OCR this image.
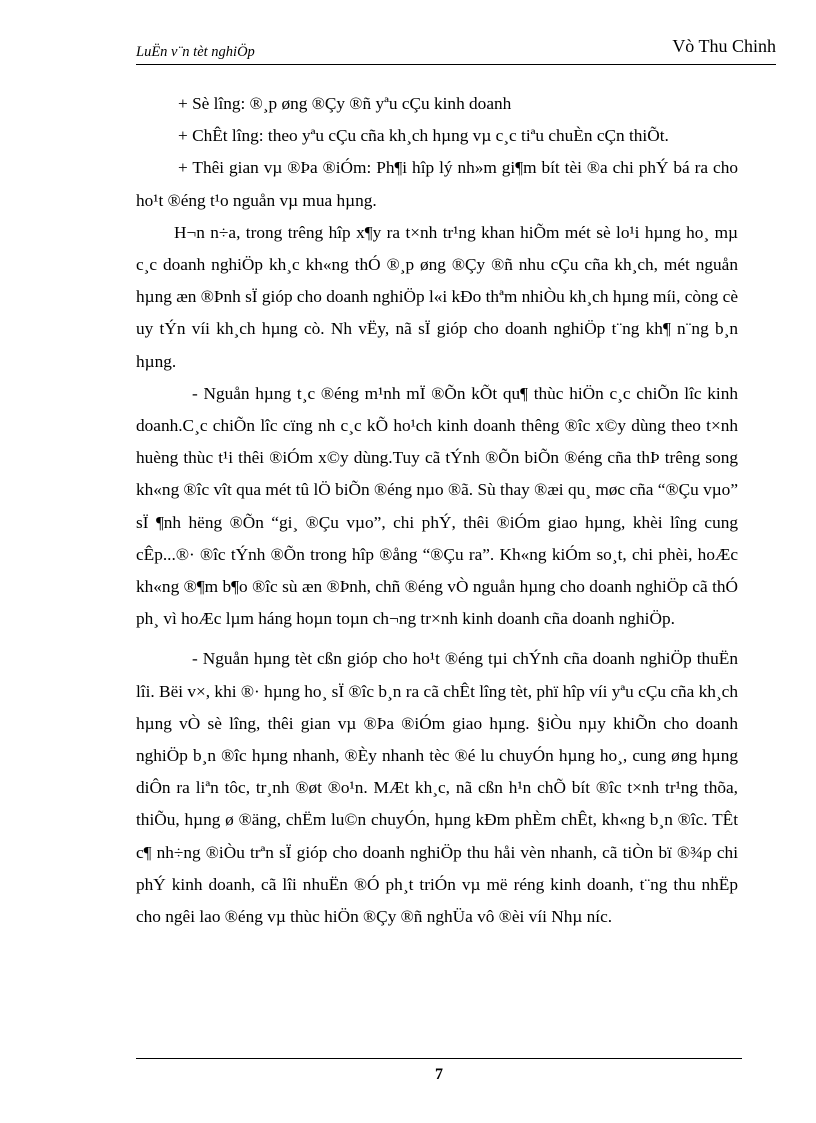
LuËn v¨n tèt nghiÖp	Vò Thu Chinh

+ Sè lîng: ®¸p øng ®Çy ®ñ yªu cÇu kinh doanh

+ ChÊt lîng: theo yªu cÇu cña kh¸ch hµng vµ c¸c tiªu chuÈn cÇn thiÕt.

+ Thêi gian vµ ®Þa ®iÓm: Ph¶i hîp lý nh»m gi¶m bít tèi ®a chi phÝ bá ra cho ho¹t ®éng t¹o nguån vµ mua hµng.

H¬n n÷a, trong trêng hîp x¶y ra t×nh tr¹ng khan hiÕm mét sè lo¹i hµng ho¸ mµ c¸c doanh nghiÖp kh¸c kh«ng thÓ ®¸p øng ®Çy ®ñ nhu cÇu cña kh¸ch, mét nguån hµng æn ®Þnh sÏ gióp cho doanh nghiÖp l«i kÐo thªm nhiÒu kh¸ch hµng míi, còng cè uy tÝn víi kh¸ch hµng cò. Nh vËy, nã sÏ gióp cho doanh nghiÖp t¨ng kh¶ n¨ng b¸n hµng.

- Nguån hµng t¸c ®éng m¹nh mÏ ®Õn kÕt qu¶ thùc hiÖn c¸c chiÕn lîc kinh doanh.C¸c chiÕn lîc cïng nh c¸c kÕ ho¹ch kinh doanh thêng ®îc x©y dùng theo t×nh huèng thùc t¹i thêi ®iÓm x©y dùng.Tuy cã tÝnh ®Õn biÕn ®éng cña thÞ trêng song kh«ng ®îc vît qua mét tû lÖ biÕn ®éng nµo ®ã. Sù thay ®æi qu¸ møc cña “®Çu vµo” sÏ ¶nh hëng ®Õn “gi¸ ®Çu vµo”, chi phÝ, thêi ®iÓm giao hµng, khèi lîng cung cÊp...®· ®îc tÝnh ®Õn trong hîp ®ång “®Çu ra”. Kh«ng kiÓm so¸t, chi phèi, hoÆc kh«ng ®¶m b¶o ®îc sù æn ®Þnh, chñ ®éng vÒ nguån hµng cho doanh nghiÖp cã thÓ ph¸ vì hoÆc lµm háng hoµn toµn ch¬ng tr×nh kinh doanh cña doanh nghiÖp.

- Nguån hµng tèt cßn gióp cho ho¹t ®éng tµi chÝnh cña doanh nghiÖp thuËn lîi. Bëi v×, khi ®· hµng ho¸ sÏ ®îc b¸n ra cã chÊt lîng tèt, phï hîp víi yªu cÇu cña kh¸ch hµng vÒ sè lîng, thêi gian vµ ®Þa ®iÓm giao hµng. §iÒu nµy khiÕn cho doanh nghiÖp b¸n ®îc hµng nhanh, ®Èy nhanh tèc ®é lu chuyÓn hµng ho¸, cung øng hµng diÔn ra liªn tôc, tr¸nh ®øt ®o¹n. MÆt kh¸c, nã cßn h¹n chÕ bít ®îc t×nh tr¹ng thõa, thiÕu, hµng ø ®äng, chËm lu©n chuyÓn, hµng kÐm phÈm chÊt, kh«ng b¸n ®îc. TÊt c¶ nh÷ng ®iÒu trªn sÏ gióp cho doanh nghiÖp thu håi vèn nhanh, cã tiÒn bï ®¾p chi phÝ kinh doanh, cã lîi nhuËn ®Ó ph¸t triÓn vµ më réng kinh doanh, t¨ng thu nhËp cho ngêi lao ®éng vµ thùc hiÖn ®Çy ®ñ nghÜa vô ®èi víi Nhµ níc.

7
